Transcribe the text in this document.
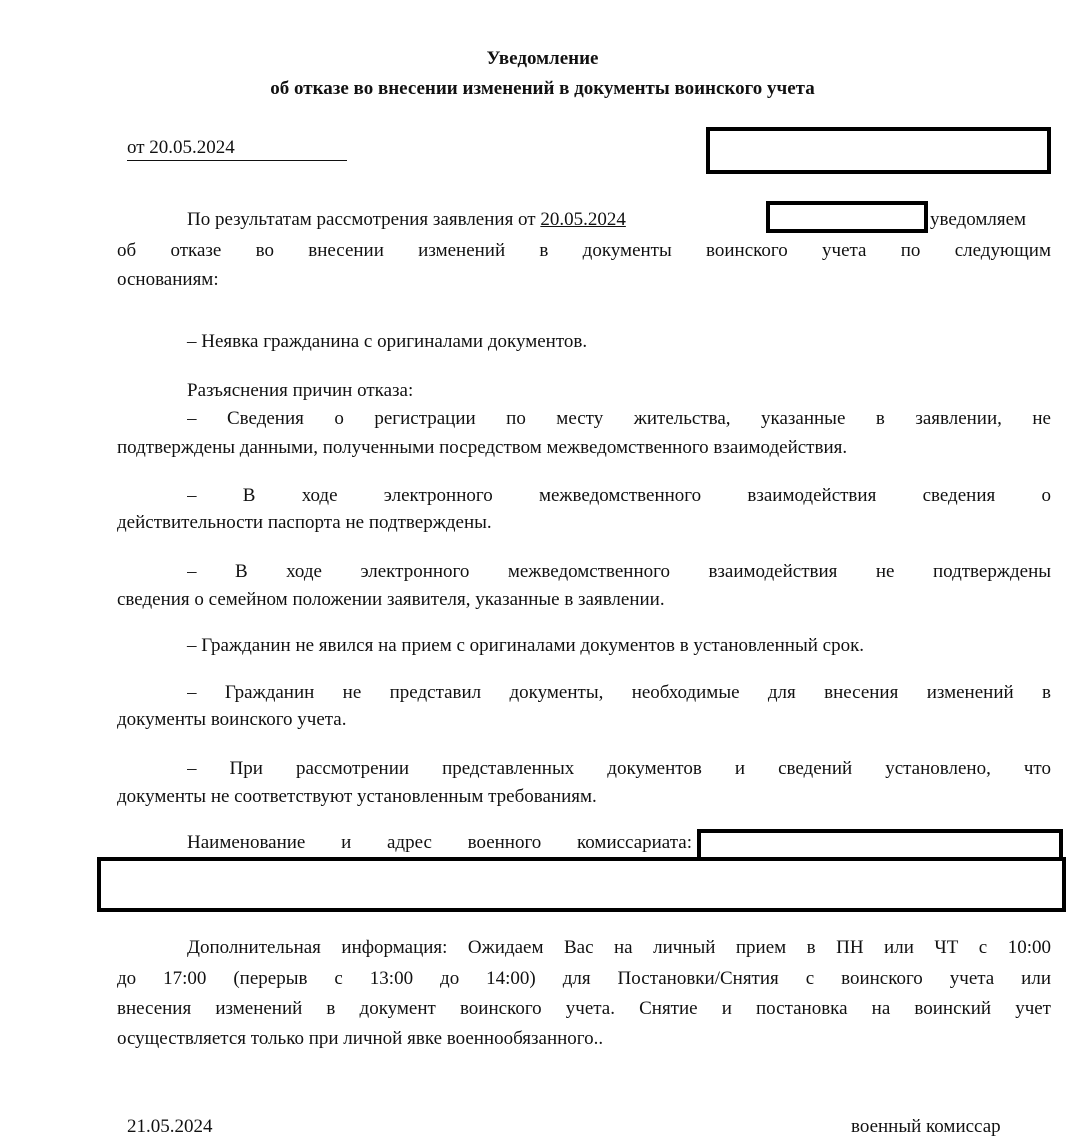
Уведомление
об отказе во внесении изменений в документы воинского учета
от 20.05.2024
По результатам рассмотрения заявления от 20.05.2024	уведомляем
об отказе во внесении изменений в документы воинского учета по следующим
основаниям:
– Неявка гражданина с оригиналами документов.
Разъяснения причин отказа:
– Сведения о регистрации по месту жительства, указанные в заявлении, не
подтверждены данными, полученными посредством межведомственного взаимодействия.
– В ходе электронного межведомственного взаимодействия сведения о
действительности паспорта не подтверждены.
– В ходе электронного межведомственного взаимодействия не подтверждены
сведения о семейном положении заявителя, указанные в заявлении.
– Гражданин не явился на прием с оригиналами документов в установленный срок.
– Гражданин не представил документы, необходимые для внесения изменений в
документы воинского учета.
– При рассмотрении представленных документов и сведений установлено, что
документы не соответствуют установленным требованиям.
Наименование и адрес военного комиссариата:
Дополнительная информация: Ожидаем Вас на личный прием в ПН или ЧТ с 10:00
до 17:00 (перерыв с 13:00 до 14:00) для Постановки/Снятия с воинского учета или
внесения изменений в документ воинского учета. Снятие и постановка на воинский учет
осуществляется только при личной явке военнообязанного..
21.05.2024	военный комиссар
